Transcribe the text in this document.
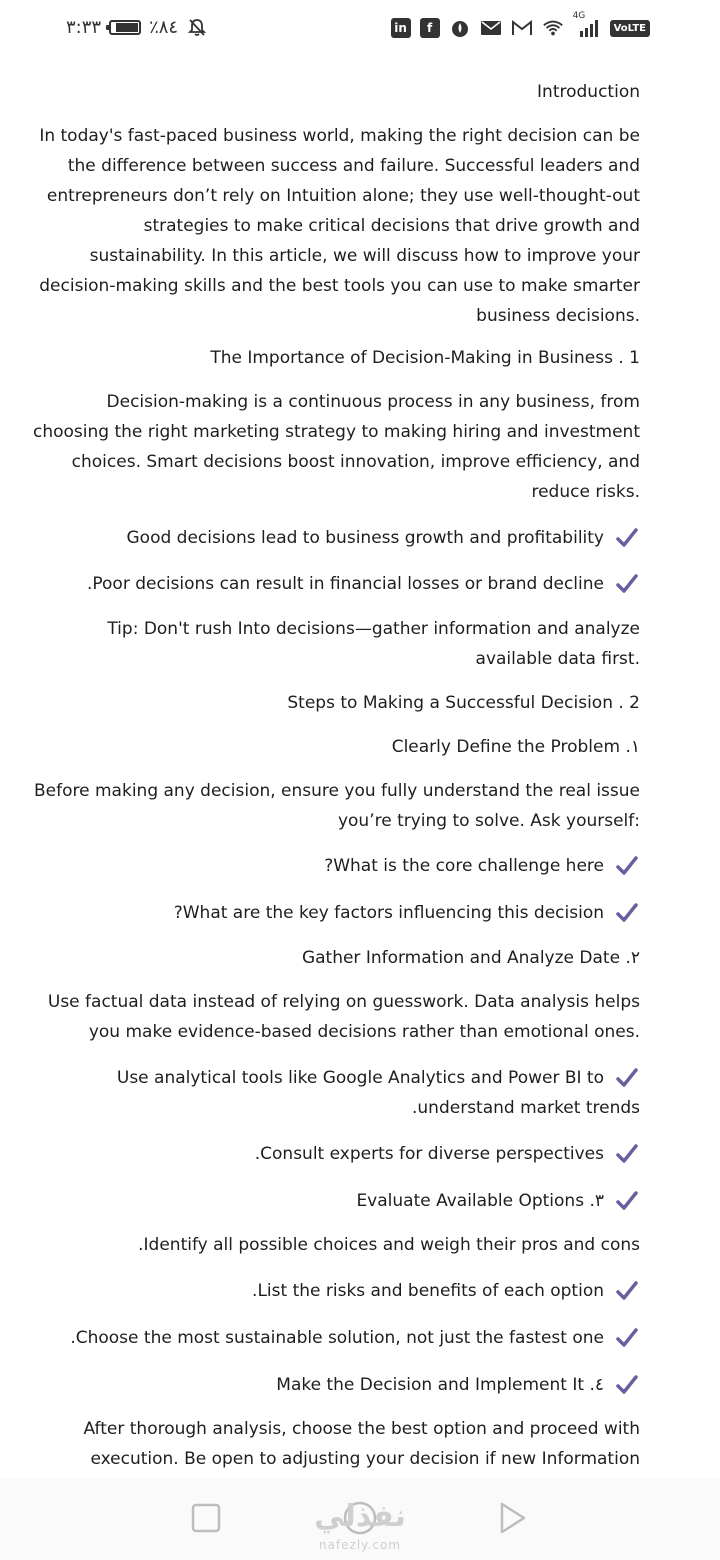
٣:٣٣	٪٨٤	in	f
4G
VoLTE
Introduction
In today's fast-paced business world, making the right decision can be
the difference between success and failure. Successful leaders and
entrepreneurs don’t rely on Intuition alone; they use well-thought-out
strategies to make critical decisions that drive growth and
sustainability. In this article, we will discuss how to improve your
decision-making skills and the best tools you can use to make smarter
.business decisions
The Importance of Decision-Making in Business . 1
Decision-making is a continuous process in any business, from
choosing the right marketing strategy to making hiring and investment
choices. Smart decisions boost innovation, improve efficiency, and
.reduce risks
Good decisions lead to business growth and profitability
.Poor decisions can result in financial losses or brand decline
Tip: Don't rush Into decisions—gather information and analyze
.available data first
Steps to Making a Successful Decision . 2
Clearly Define the Problem .١
Before making any decision, ensure you fully understand the real issue
:you’re trying to solve. Ask yourself
?What is the core challenge here
?What are the key factors influencing this decision
Gather Information and Analyze Date .٢
Use factual data instead of relying on guesswork. Data analysis helps
.you make evidence-based decisions rather than emotional ones
Use analytical tools like Google Analytics and Power BI to
.understand market trends
.Consult experts for diverse perspectives
Evaluate Available Options .٣
.Identify all possible choices and weigh their pros and cons
.List the risks and benefits of each option
.Choose the most sustainable solution, not just the fastest one
Make the Decision and Implement It .٤
After thorough analysis, choose the best option and proceed with
execution. Be open to adjusting your decision if new Information
نفذلي
nafezly.com
